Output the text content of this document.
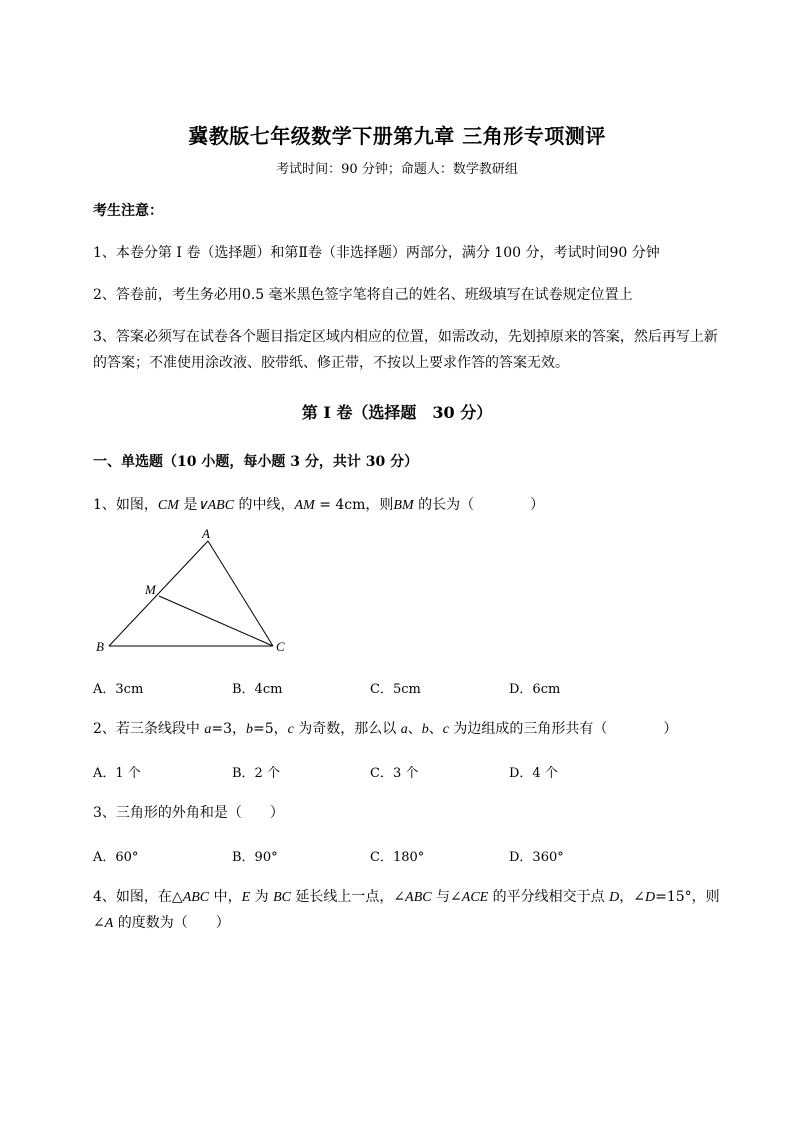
冀教版七年级数学下册第九章 三角形专项测评
考试时间：90 分钟；命题人：数学教研组
考生注意：
1、本卷分第 I 卷（选择题）和第Ⅱ卷（非选择题）两部分，满分 100 分，考试时间90 分钟
2、答卷前，考生务必用0.5 毫米黑色签字笔将自己的姓名、班级填写在试卷规定位置上
3、答案必须写在试卷各个题目指定区域内相应的位置，如需改动，先划掉原来的答案，然后再写上新
的答案；不准使用涂改液、胶带纸、修正带，不按以上要求作答的答案无效。
第 I 卷（选择题　30 分）
一、单选题（10 小题，每小题 3 分，共计 30 分）
1、如图，CM 是∨ABC 的中线，AM = 4cm，则BM 的长为（　　　　）
A
M
B	C
A．3cm	B．4cm	C．5cm	D．6cm
2、若三条线段中 a=3，b=5，c 为奇数，那么以 a、b、c 为边组成的三角形共有（　　　　）
A．1 个	B．2 个	C．3 个	D．4 个
3、三角形的外角和是（　　）
A．60°	B．90°	C．180°	D．360°
4、如图，在△ABC 中，E 为 BC 延长线上一点，∠ABC 与∠ACE 的平分线相交于点 D，∠D=15°，则
∠A 的度数为（　　）
